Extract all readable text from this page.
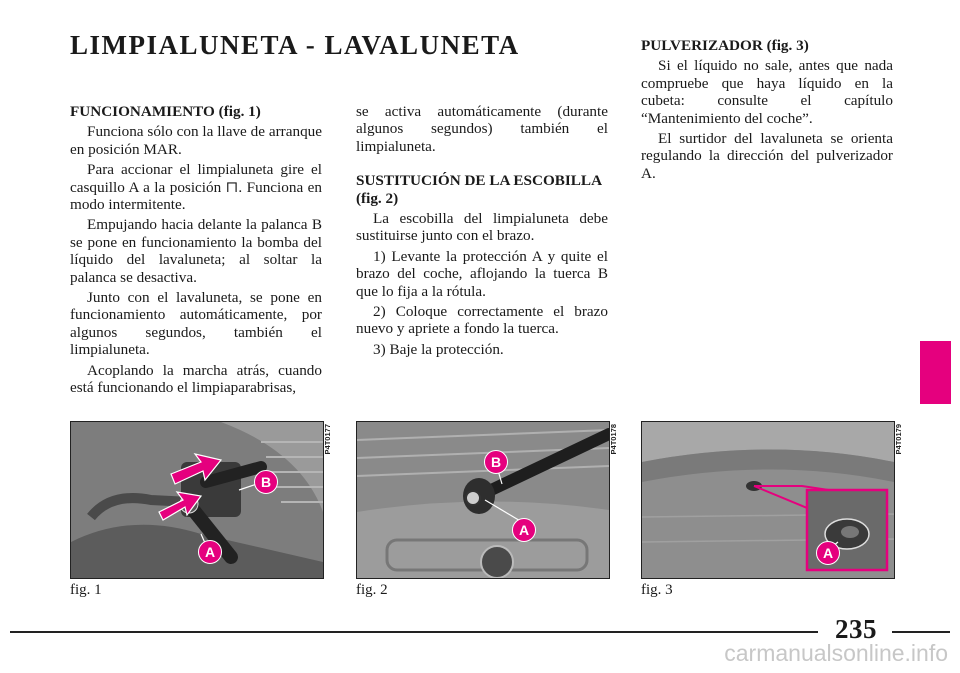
LIMPIALUNETA - LAVALUNETA
FUNCIONAMIENTO (fig. 1)

Funciona sólo con la llave de arranque en posición MAR.

Para accionar el limpialuneta gire el casquillo A a la posición ⊓. Funciona en modo intermitente.

Empujando hacia delante la palanca B se pone en funcionamiento la bomba del líquido del lavaluneta; al soltar la palanca se desactiva.

Junto con el lavaluneta, se pone en funcionamiento automáticamente, por algunos segundos, también el limpialuneta.

Acoplando la marcha atrás, cuando está funcionando el limpiaparabrisas,

se activa automáticamente (durante algunos segundos) también el limpialuneta.

SUSTITUCIÓN DE LA ESCOBILLA (fig. 2)

La escobilla del limpialuneta debe sustituirse junto con el brazo.

1) Levante la protección A y quite el brazo del coche, aflojando la tuerca B que lo fija a la rótula.

2) Coloque correctamente el brazo nuevo y apriete a fondo la tuerca.

3) Baje la protección.

PULVERIZADOR (fig. 3)

Si el líquido no sale, antes que nada compruebe que haya líquido en la cubeta: consulte el capítulo “Mantenimiento del coche”.

El surtidor del lavaluneta se orienta regulando la dirección del pulverizador A.

B
A
P4T0177
fig. 1
B
A
P4T0178
fig. 2
A
P4T0179
fig. 3
235
carmanualsonline.info
